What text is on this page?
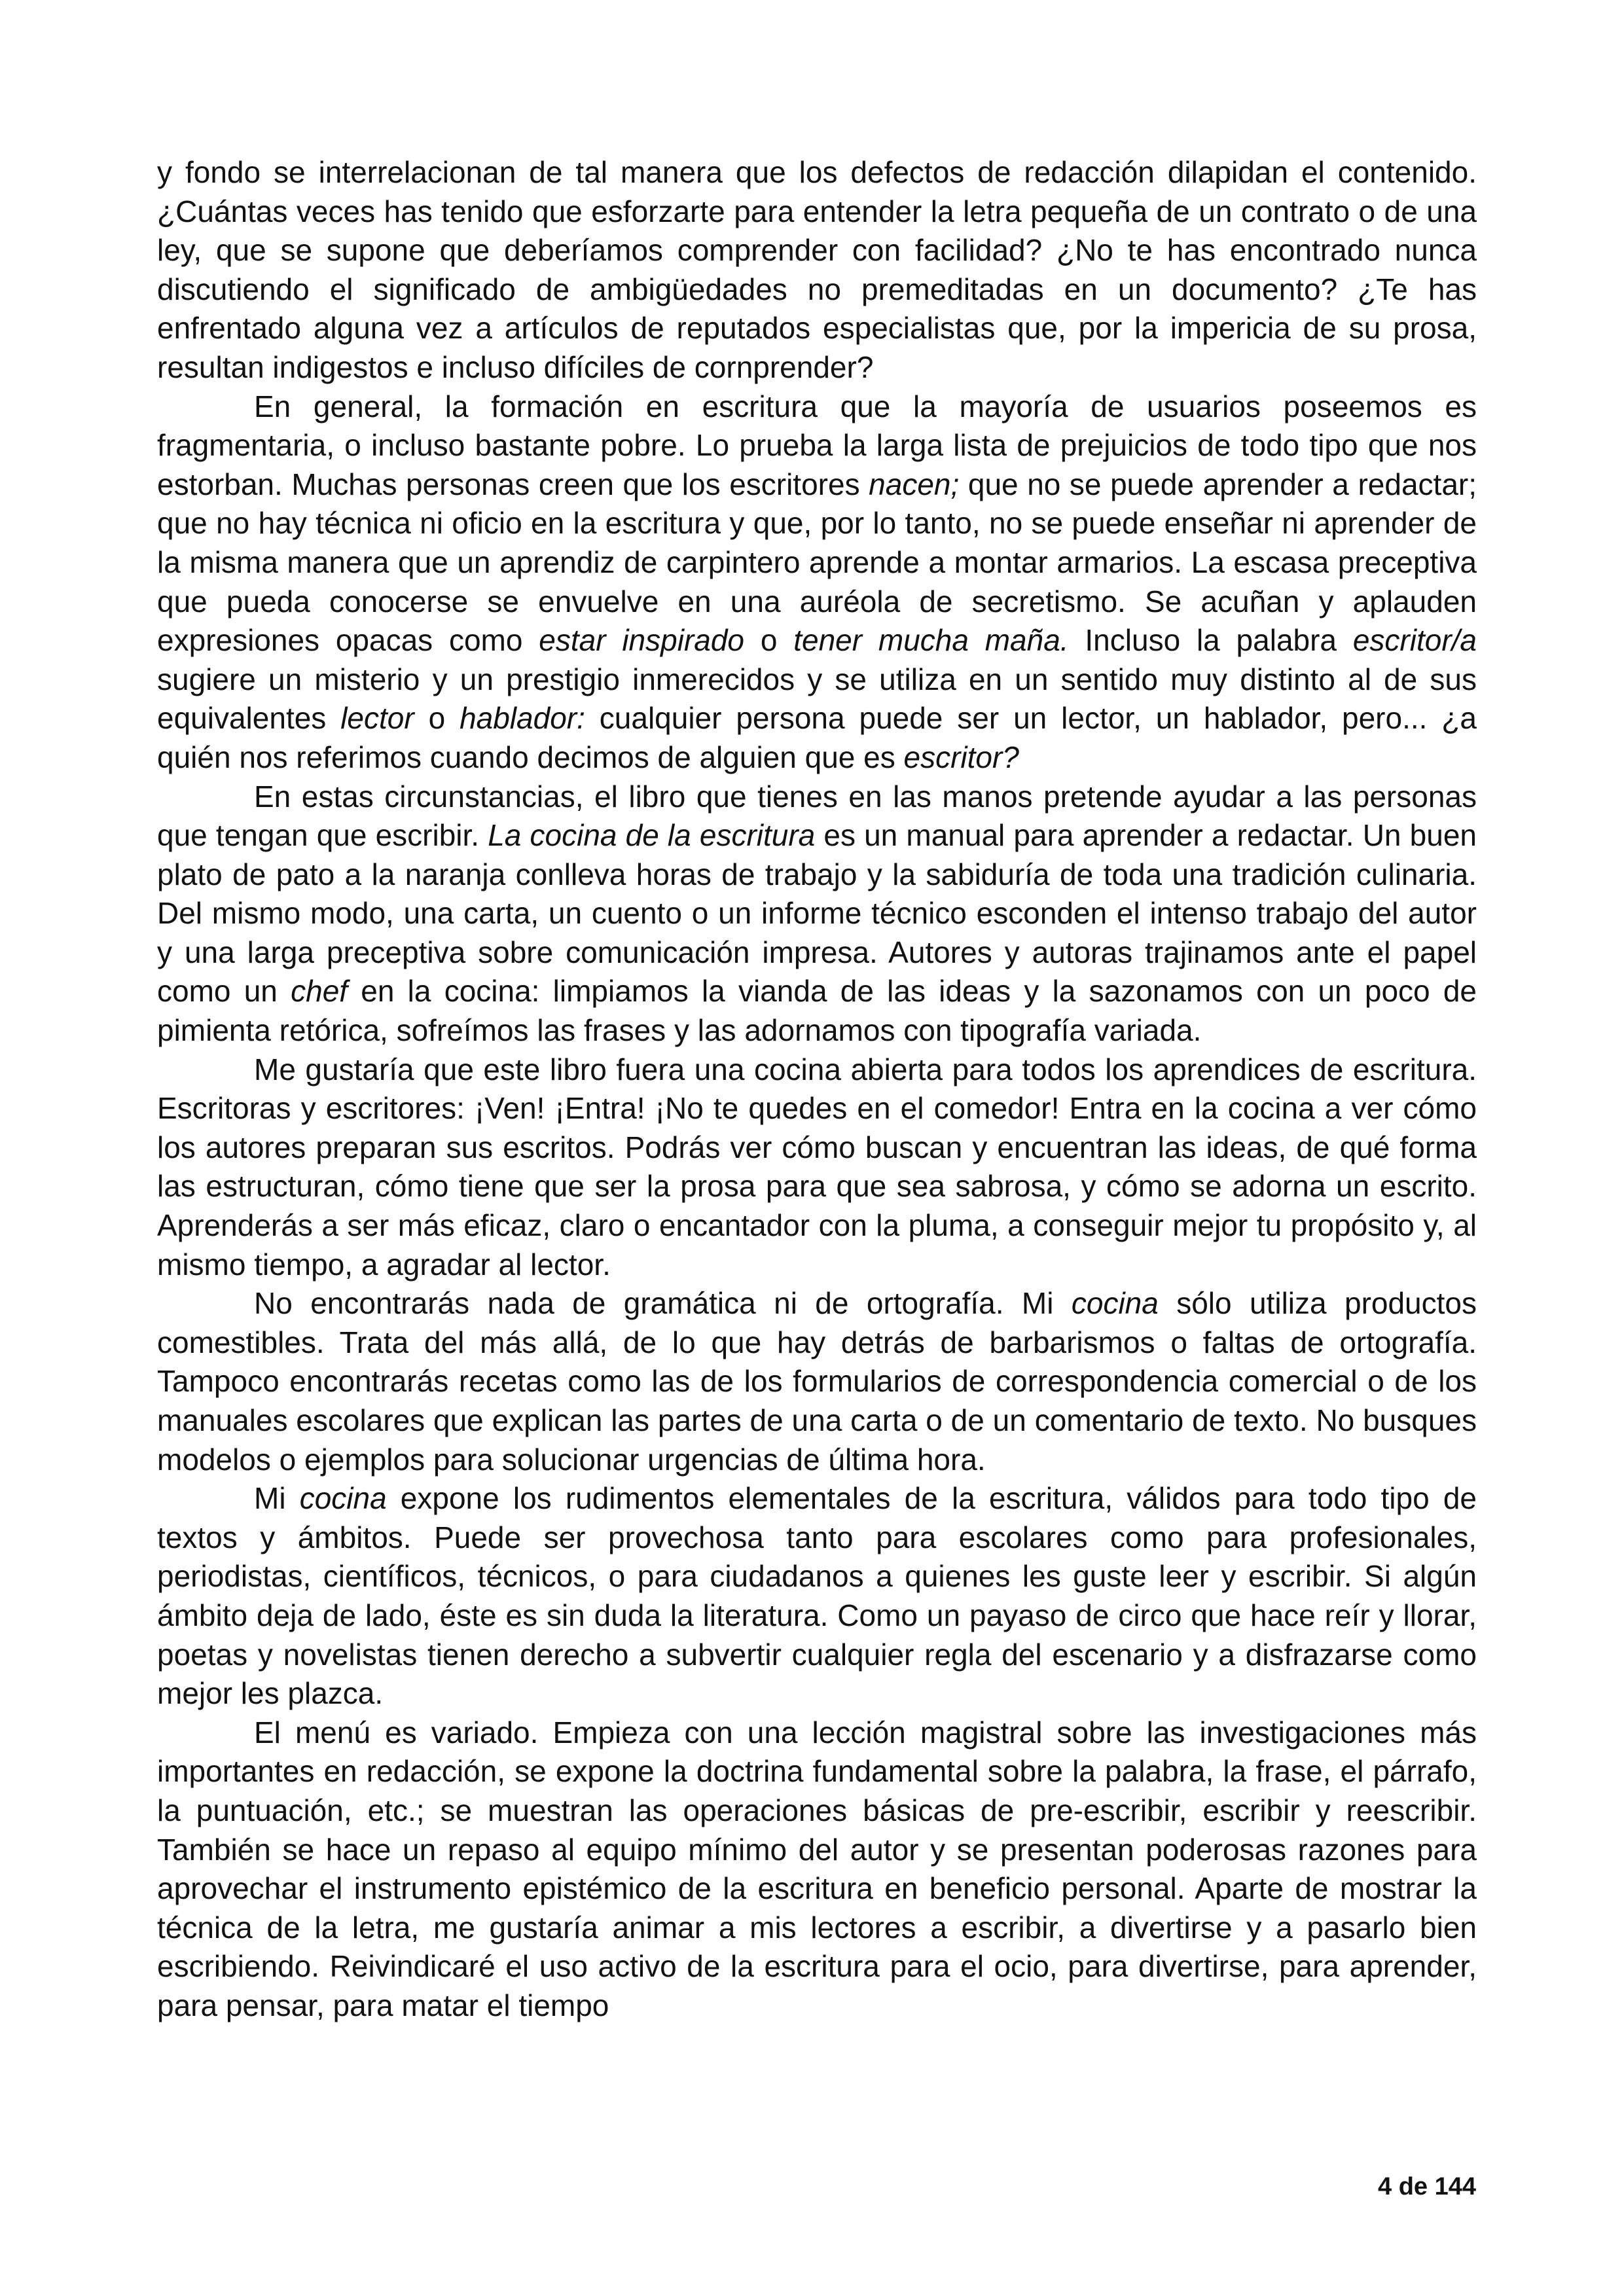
y fondo se interrelacionan de tal manera que los defectos de redacción dilapidan el contenido. ¿Cuántas veces has tenido que esforzarte para entender la letra pequeña de un contrato o de una ley, que se supone que deberíamos comprender con facilidad? ¿No te has encontrado nunca discutiendo el significado de ambigüedades no premeditadas en un documento? ¿Te has enfrentado alguna vez a artículos de reputados especialistas que, por la impericia de su prosa, resultan indigestos e incluso difíciles de cornprender?

En general, la formación en escritura que la mayoría de usuarios poseemos es fragmentaria, o incluso bastante pobre. Lo prueba la larga lista de prejuicios de todo tipo que nos estorban. Muchas personas creen que los escritores nacen; que no se puede aprender a redactar; que no hay técnica ni oficio en la escritura y que, por lo tanto, no se puede enseñar ni aprender de la misma manera que un aprendiz de carpintero aprende a montar armarios. La escasa preceptiva que pueda conocerse se envuelve en una auréola de secretismo. Se acuñan y aplauden expresiones opacas como estar inspirado o tener mucha maña. Incluso la palabra escritor/a sugiere un misterio y un prestigio inmerecidos y se utiliza en un sentido muy distinto al de sus equivalentes lector o hablador: cualquier persona puede ser un lector, un hablador, pero... ¿a quién nos referimos cuando decimos de alguien que es escritor?

En estas circunstancias, el libro que tienes en las manos pretende ayudar a las personas que tengan que escribir. La cocina de la escritura es un manual para aprender a redactar. Un buen plato de pato a la naranja conlleva horas de trabajo y la sabiduría de toda una tradición culinaria. Del mismo modo, una carta, un cuento o un informe técnico esconden el intenso trabajo del autor y una larga preceptiva sobre comunicación impresa. Autores y autoras trajinamos ante el papel como un chef en la cocina: limpiamos la vianda de las ideas y la sazonamos con un poco de pimienta retórica, sofreímos las frases y las adornamos con tipografía variada.

Me gustaría que este libro fuera una cocina abierta para todos los aprendices de escritura. Escritoras y escritores: ¡Ven! ¡Entra! ¡No te quedes en el comedor! Entra en la cocina a ver cómo los autores preparan sus escritos. Podrás ver cómo buscan y encuentran las ideas, de qué forma las estructuran, cómo tiene que ser la prosa para que sea sabrosa, y cómo se adorna un escrito. Aprenderás a ser más eficaz, claro o encantador con la pluma, a conseguir mejor tu propósito y, al mismo tiempo, a agradar al lector.

No encontrarás nada de gramática ni de ortografía. Mi cocina sólo utiliza productos comestibles. Trata del más allá, de lo que hay detrás de barbarismos o faltas de ortografía. Tampoco encontrarás recetas como las de los formularios de correspondencia comercial o de los manuales escolares que explican las partes de una carta o de un comentario de texto. No busques modelos o ejemplos para solucionar urgencias de última hora.

Mi cocina expone los rudimentos elementales de la escritura, válidos para todo tipo de textos y ámbitos. Puede ser provechosa tanto para escolares como para profesionales, periodistas, científicos, técnicos, o para ciudadanos a quienes les guste leer y escribir. Si algún ámbito deja de lado, éste es sin duda la literatura. Como un payaso de circo que hace reír y llorar, poetas y novelistas tienen derecho a subvertir cualquier regla del escenario y a disfrazarse como mejor les plazca.

El menú es variado. Empieza con una lección magistral sobre las investigaciones más importantes en redacción, se expone la doctrina fundamental sobre la palabra, la frase, el párrafo, la puntuación, etc.; se muestran las operaciones básicas de pre-escribir, escribir y reescribir. También se hace un repaso al equipo mínimo del autor y se presentan poderosas razones para aprovechar el instrumento epistémico de la escritura en beneficio personal. Aparte de mostrar la técnica de la letra, me gustaría animar a mis lectores a escribir, a divertirse y a pasarlo bien escribiendo. Reivindicaré el uso activo de la escritura para el ocio, para divertirse, para aprender, para pensar, para matar el tiempo

4 de 144
